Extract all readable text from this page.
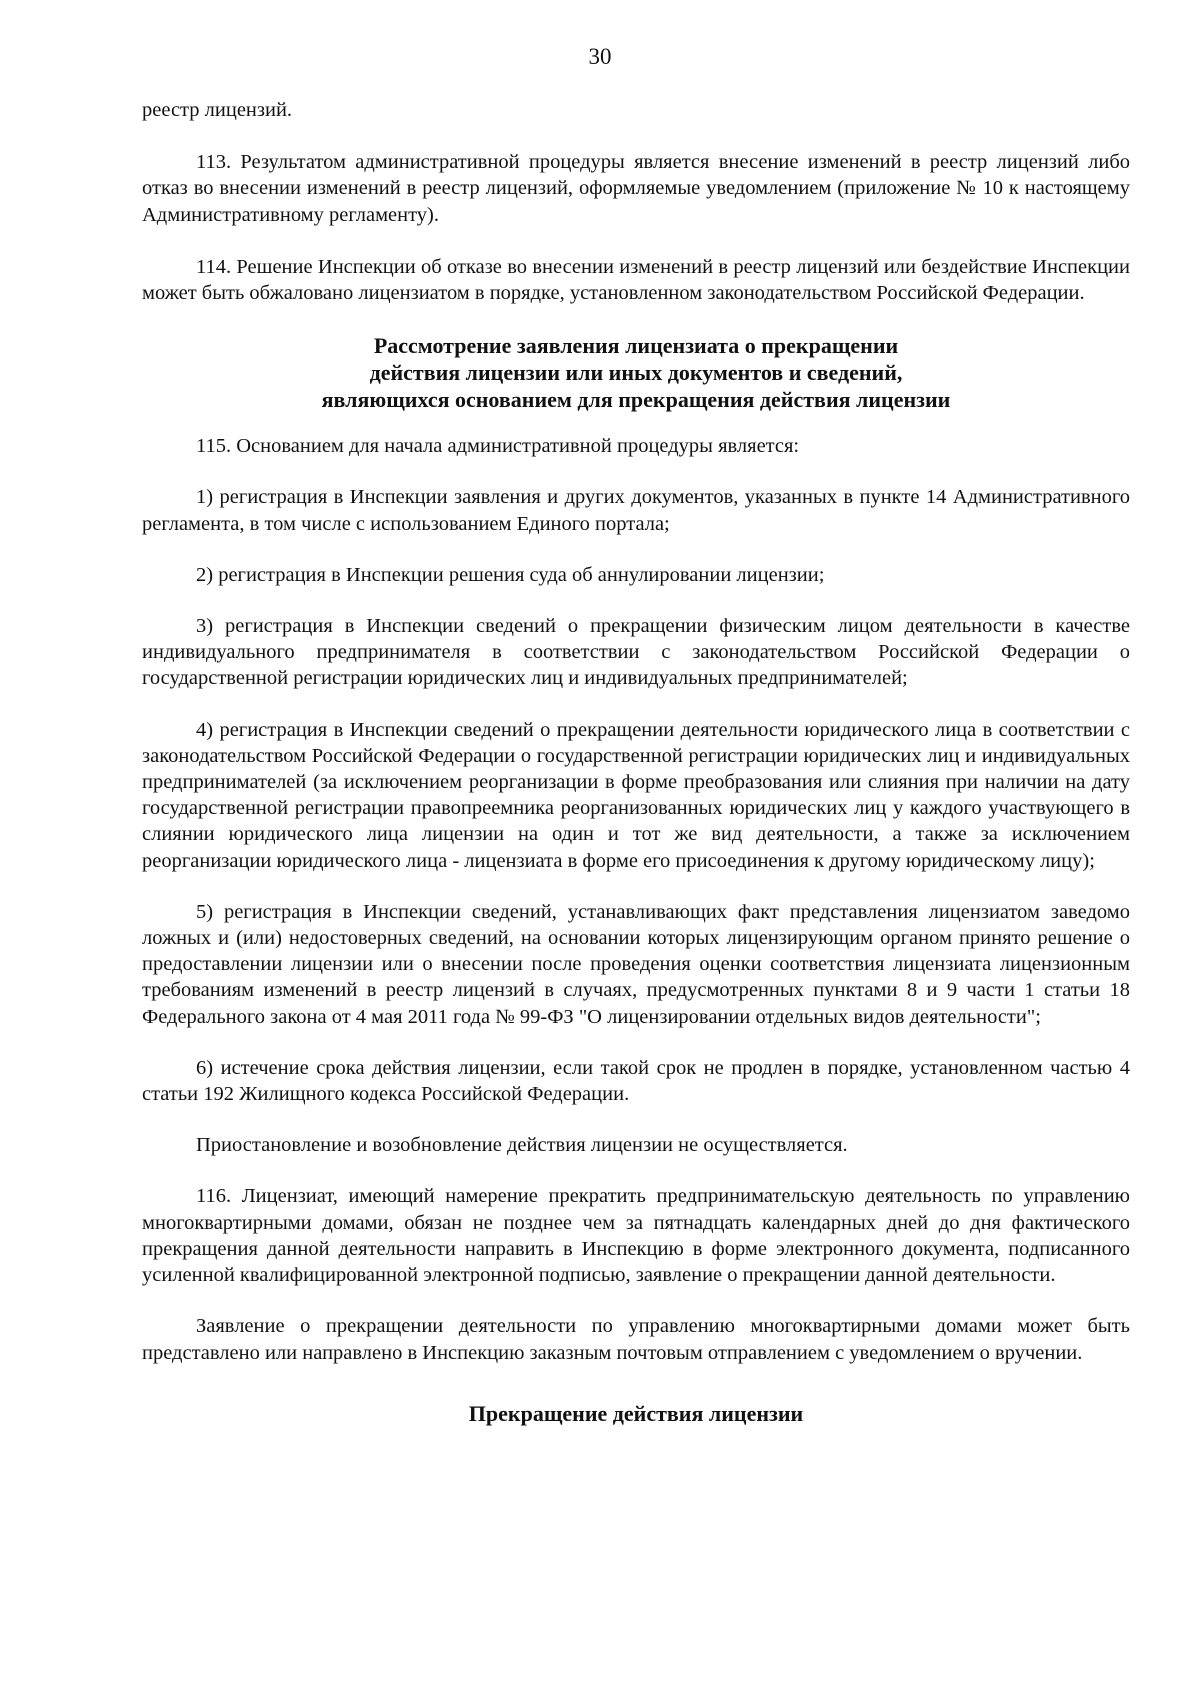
30

реестр лицензий.

113. Результатом административной процедуры является внесение изменений в реестр лицензий либо отказ во внесении изменений в реестр лицензий, оформляемые уведомлением (приложение № 10 к настоящему Административному регламенту).

114. Решение Инспекции об отказе во внесении изменений в реестр лицензий или бездействие Инспекции может быть обжаловано лицензиатом в порядке, установленном законодательством Российской Федерации.

Рассмотрение заявления лицензиата о прекращении
действия лицензии или иных документов и сведений,
являющихся основанием для прекращения действия лицензии

115. Основанием для начала административной процедуры является:

1) регистрация в Инспекции заявления и других документов, указанных в пункте 14 Административного регламента, в том числе с использованием Единого портала;

2) регистрация в Инспекции решения суда об аннулировании лицензии;

3) регистрация в Инспекции сведений о прекращении физическим лицом деятельности в качестве индивидуального предпринимателя в соответствии с законодательством Российской Федерации о государственной регистрации юридических лиц и индивидуальных предпринимателей;

4) регистрация в Инспекции сведений о прекращении деятельности юридического лица в соответствии с законодательством Российской Федерации о государственной регистрации юридических лиц и индивидуальных предпринимателей (за исключением реорганизации в форме преобразования или слияния при наличии на дату государственной регистрации правопреемника реорганизованных юридических лиц у каждого участвующего в слиянии юридического лица лицензии на один и тот же вид деятельности, а также за исключением реорганизации юридического лица - лицензиата в форме его присоединения к другому юридическому лицу);

5) регистрация в Инспекции сведений, устанавливающих факт представления лицензиатом заведомо ложных и (или) недостоверных сведений, на основании которых лицензирующим органом принято решение о предоставлении лицензии или о внесении после проведения оценки соответствия лицензиата лицензионным требованиям изменений в реестр лицензий в случаях, предусмотренных пунктами 8 и 9 части 1 статьи 18 Федерального закона от 4 мая 2011 года № 99-ФЗ "О лицензировании отдельных видов деятельности";

6) истечение срока действия лицензии, если такой срок не продлен в порядке, установленном частью 4 статьи 192 Жилищного кодекса Российской Федерации.

Приостановление и возобновление действия лицензии не осуществляется.

116. Лицензиат, имеющий намерение прекратить предпринимательскую деятельность по управлению многоквартирными домами, обязан не позднее чем за пятнадцать календарных дней до дня фактического прекращения данной деятельности направить в Инспекцию в форме электронного документа, подписанного усиленной квалифицированной электронной подписью, заявление о прекращении данной деятельности.

Заявление о прекращении деятельности по управлению многоквартирными домами может быть представлено или направлено в Инспекцию заказным почтовым отправлением с уведомлением о вручении.

Прекращение действия лицензии
